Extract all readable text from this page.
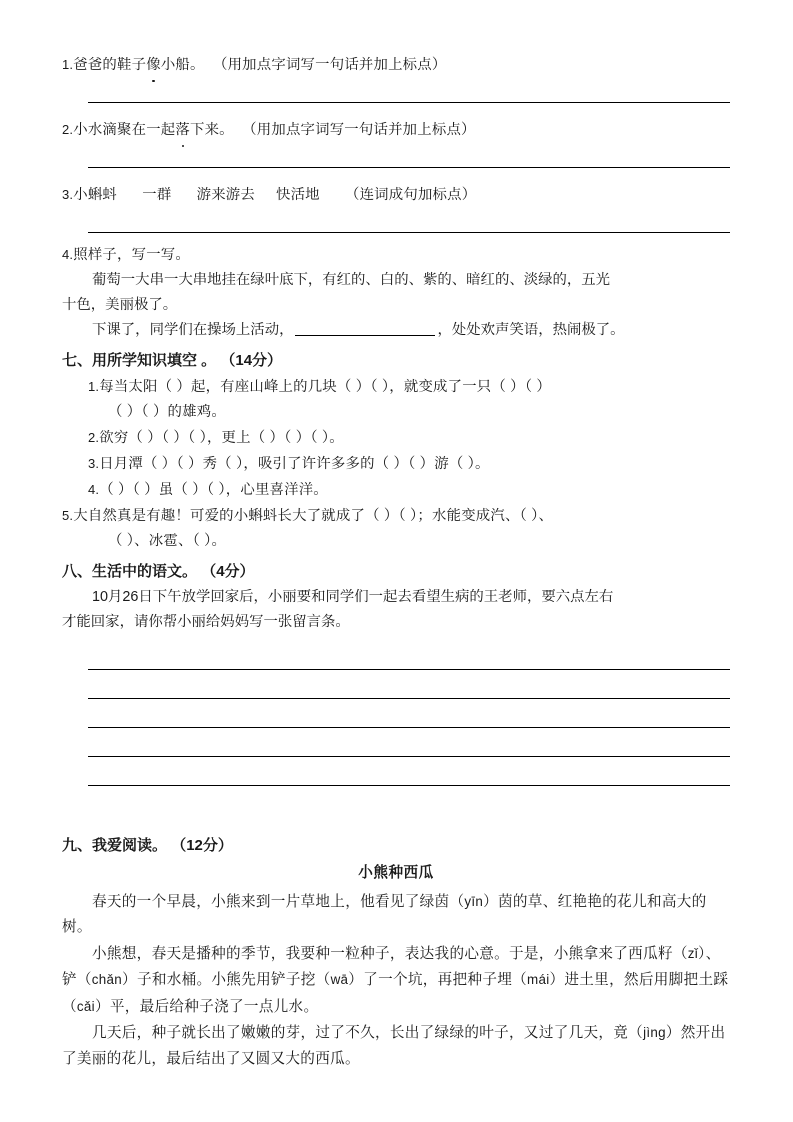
1.爸爸的鞋子像小船。 （用加点字词写一句话并加上标点）
2.小水滴聚在一起落下来。 （用加点字词写一句话并加上标点）
3.小蝌蚪 一群 游来游去 快活地 （连词成句加标点）
4.照样子，写一写。
葡萄一大串一大串地挂在绿叶底下，有红的、白的、紫的、暗红的、淡绿的，五光
十色，美丽极了。
下课了，同学们在操场上活动，	，处处欢声笑语，热闹极了。
七、用所学知识填空 。 （14分）
1.每当太阳（ ）起，有座山峰上的几块（ ）（ ），就变成了一只（ ）（ ）
（ ）（ ）的雄鸡。
2.欲穷（ ）（ ）（ ），更上（ ）（ ）（ ）。
3.日月潭（ ）（ ）秀（ ），吸引了许许多多的（ ）（ ）游（ ）。
4.（ ）（ ）虽（ ）（ ），心里喜洋洋。
5.大自然真是有趣！可爱的小蝌蚪长大了就成了（ ）（ ）；水能变成汽、（ ）、
（ ）、冰雹、（ ）。
八、生活中的语文。 （4分）
10月26日下午放学回家后，小丽要和同学们一起去看望生病的王老师，要六点左右
才能回家，请你帮小丽给妈妈写一张留言条。
九、我爱阅读。 （12分）
小熊种西瓜

春天的一个早晨，小熊来到一片草地上，他看见了绿茵（yīn）茵的草、红艳艳的花儿和高大的树。

小熊想，春天是播种的季节，我要种一粒种子，表达我的心意。于是，小熊拿来了西瓜籽（zǐ）、铲（chǎn）子和水桶。小熊先用铲子挖（wā）了一个坑，再把种子埋（mái）进土里，然后用脚把土踩（cǎi）平，最后给种子浇了一点儿水。

几天后，种子就长出了嫩嫩的芽，过了不久，长出了绿绿的叶子，又过了几天，竟（jìng）然开出了美丽的花儿，最后结出了又圆又大的西瓜。
